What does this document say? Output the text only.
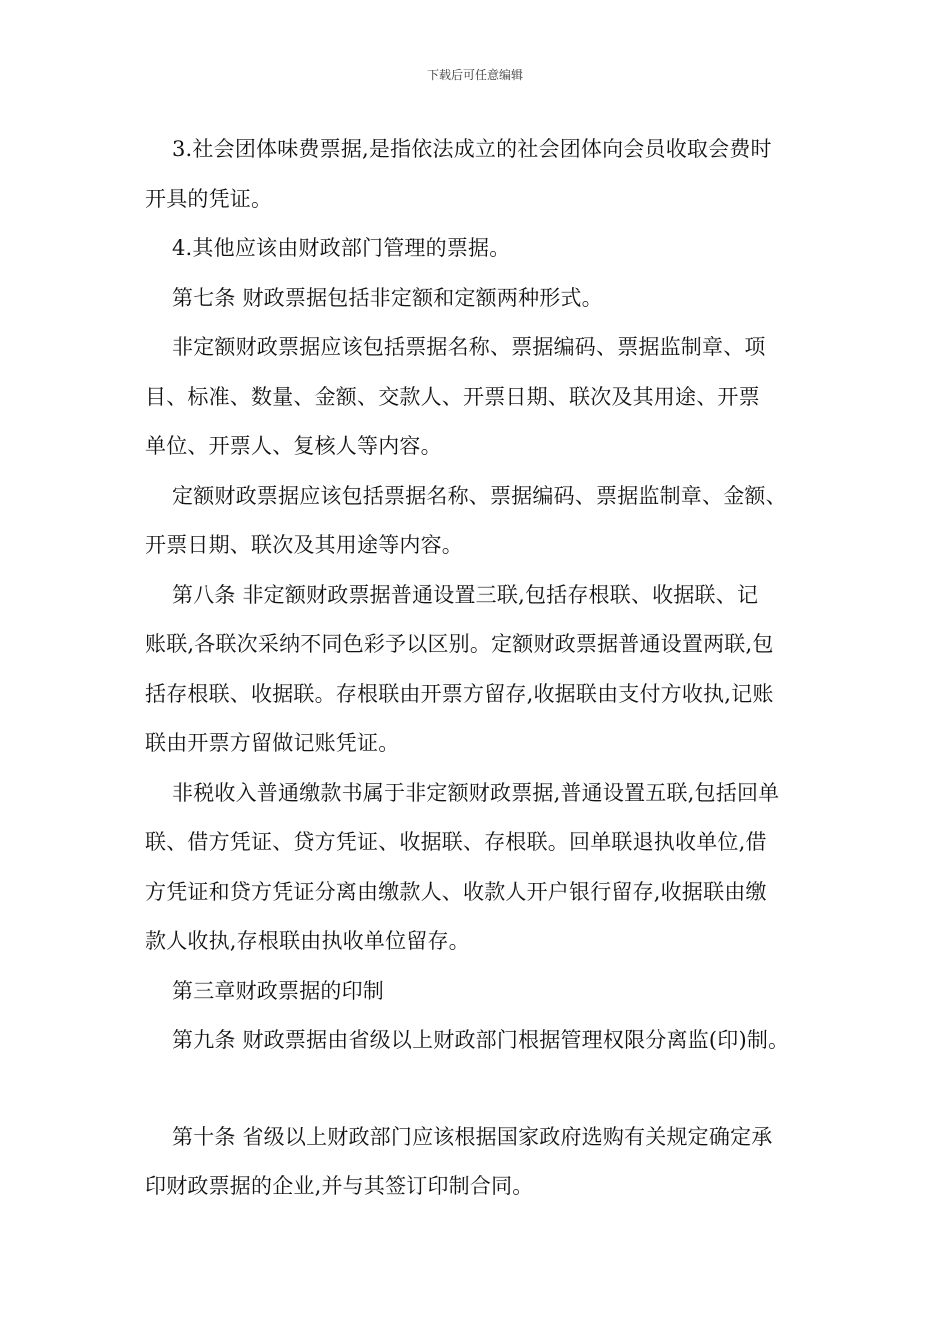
下载后可任意编辑
3.社会团体味费票据,是指依法成立的社会团体向会员收取会费时
开具的凭证。
4.其他应该由财政部门管理的票据。
第七条 财政票据包括非定额和定额两种形式。
非定额财政票据应该包括票据名称、票据编码、票据监制章、项
目、标准、数量、金额、交款人、开票日期、联次及其用途、开票
单位、开票人、复核人等内容。
定额财政票据应该包括票据名称、票据编码、票据监制章、金额、
开票日期、联次及其用途等内容。
第八条 非定额财政票据普通设置三联,包括存根联、收据联、记
账联,各联次采纳不同色彩予以区别。定额财政票据普通设置两联,包
括存根联、收据联。存根联由开票方留存,收据联由支付方收执,记账
联由开票方留做记账凭证。
非税收入普通缴款书属于非定额财政票据,普通设置五联,包括回单
联、借方凭证、贷方凭证、收据联、存根联。回单联退执收单位,借
方凭证和贷方凭证分离由缴款人、收款人开户银行留存,收据联由缴
款人收执,存根联由执收单位留存。
第三章财政票据的印制
第九条 财政票据由省级以上财政部门根据管理权限分离监(印)制。
第十条 省级以上财政部门应该根据国家政府选购有关规定确定承
印财政票据的企业,并与其签订印制合同。
